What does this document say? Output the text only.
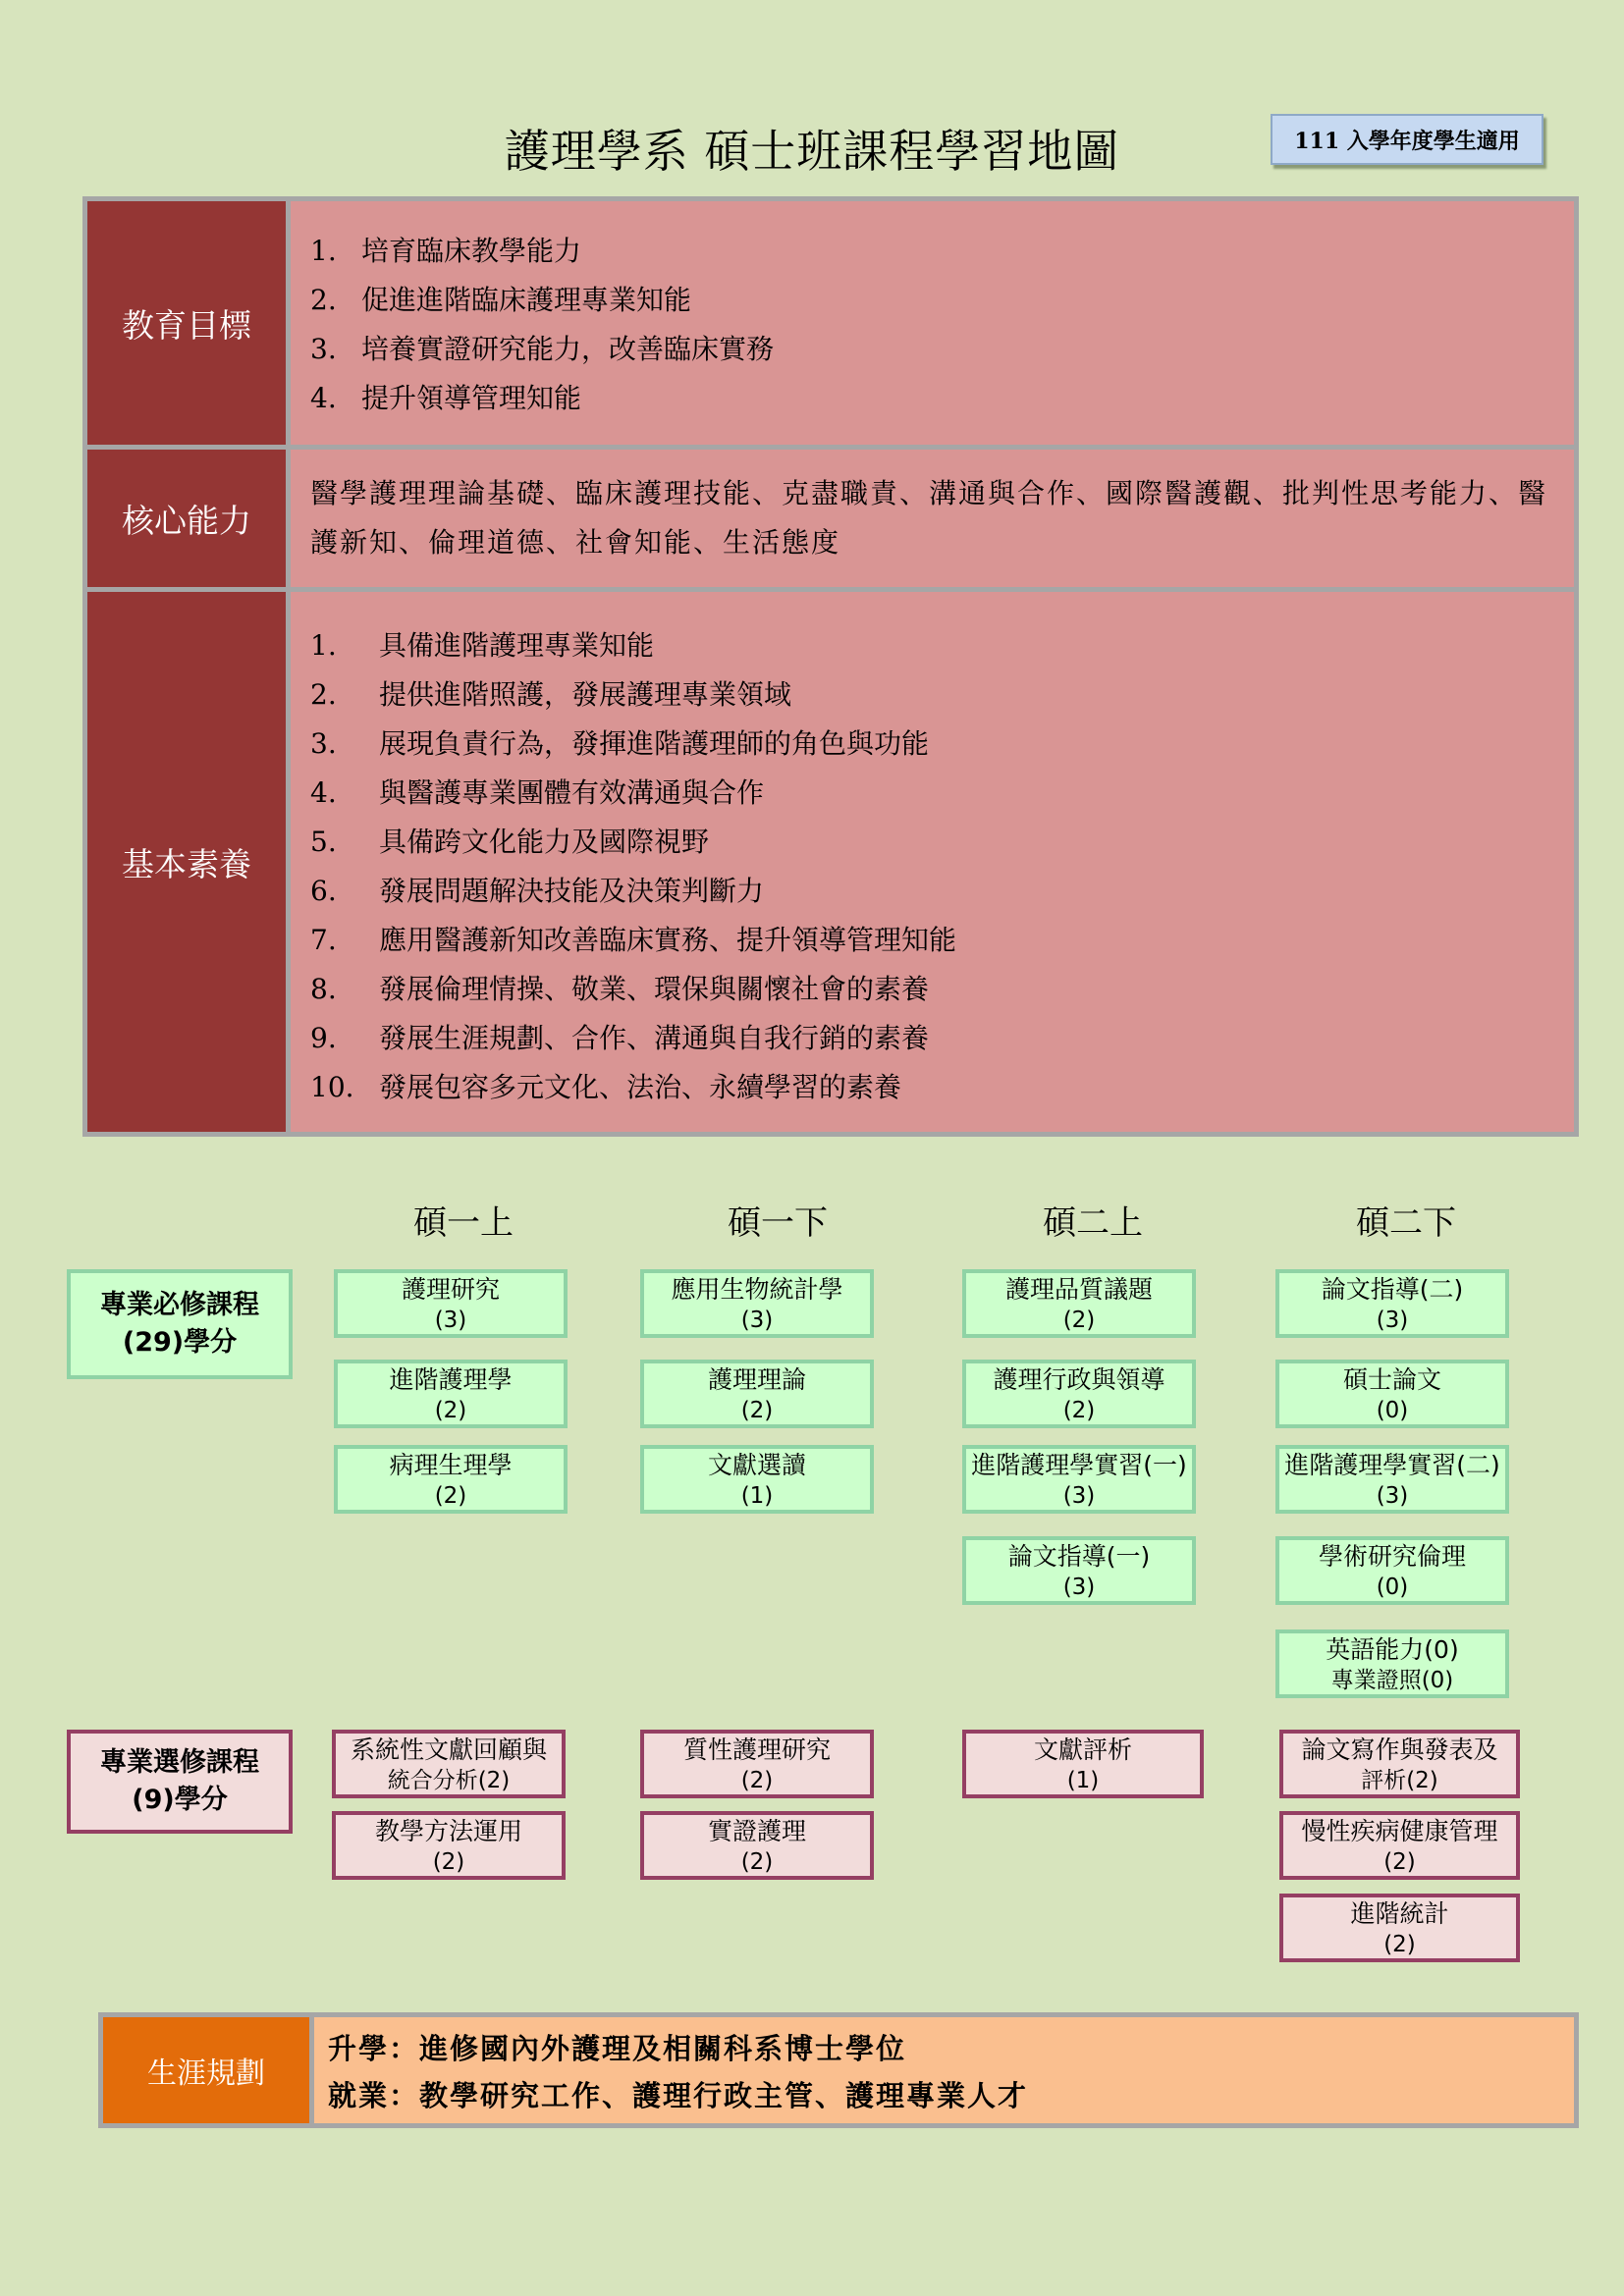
護理學系 碩士班課程學習地圖	111 入學年度學生適用
教育目標
1. 培育臨床教學能力
2. 促進進階臨床護理專業知能
3. 培養實證研究能力，改善臨床實務
4. 提升領導管理知能
核心能力
醫學護理理論基礎、臨床護理技能、克盡職責、溝通與合作、國際醫護觀、批判性思考能力、醫護新知、倫理道德、社會知能、生活態度
基本素養
1.	具備進階護理專業知能
2.	提供進階照護，發展護理專業領域
3.	展現負責行為，發揮進階護理師的角色與功能
4.	與醫護專業團體有效溝通與合作
5.	具備跨文化能力及國際視野
6.	發展問題解決技能及決策判斷力
7.	應用醫護新知改善臨床實務、提升領導管理知能
8.	發展倫理情操、敬業、環保與關懷社會的素養
9.	發展生涯規劃、合作、溝通與自我行銷的素養
10. 發展包容多元文化、法治、永續學習的素養
碩一上	碩一下	碩二上	碩二下
專業必修課程
(29)學分
專業選修課程
(9)學分
護理研究
(3)
進階護理學
(2)
病理生理學
(2)
應用生物統計學
(3)
護理理論
(2)
文獻選讀
(1)
護理品質議題
(2)
護理行政與領導
(2)
進階護理學實習(一)
(3)
論文指導(一)
(3)
論文指導(二)
(3)
碩士論文
(0)
進階護理學實習(二)
(3)
學術研究倫理
(0)
英語能力(0)
專業證照(0)
系統性文獻回顧與
統合分析(2)
教學方法運用
(2)
質性護理研究
(2)
實證護理
(2)
文獻評析
(1)
論文寫作與發表及
評析(2)
慢性疾病健康管理
(2)
進階統計
(2)
生涯規劃
升學：進修國內外護理及相關科系博士學位
就業：教學研究工作、護理行政主管、護理專業人才
